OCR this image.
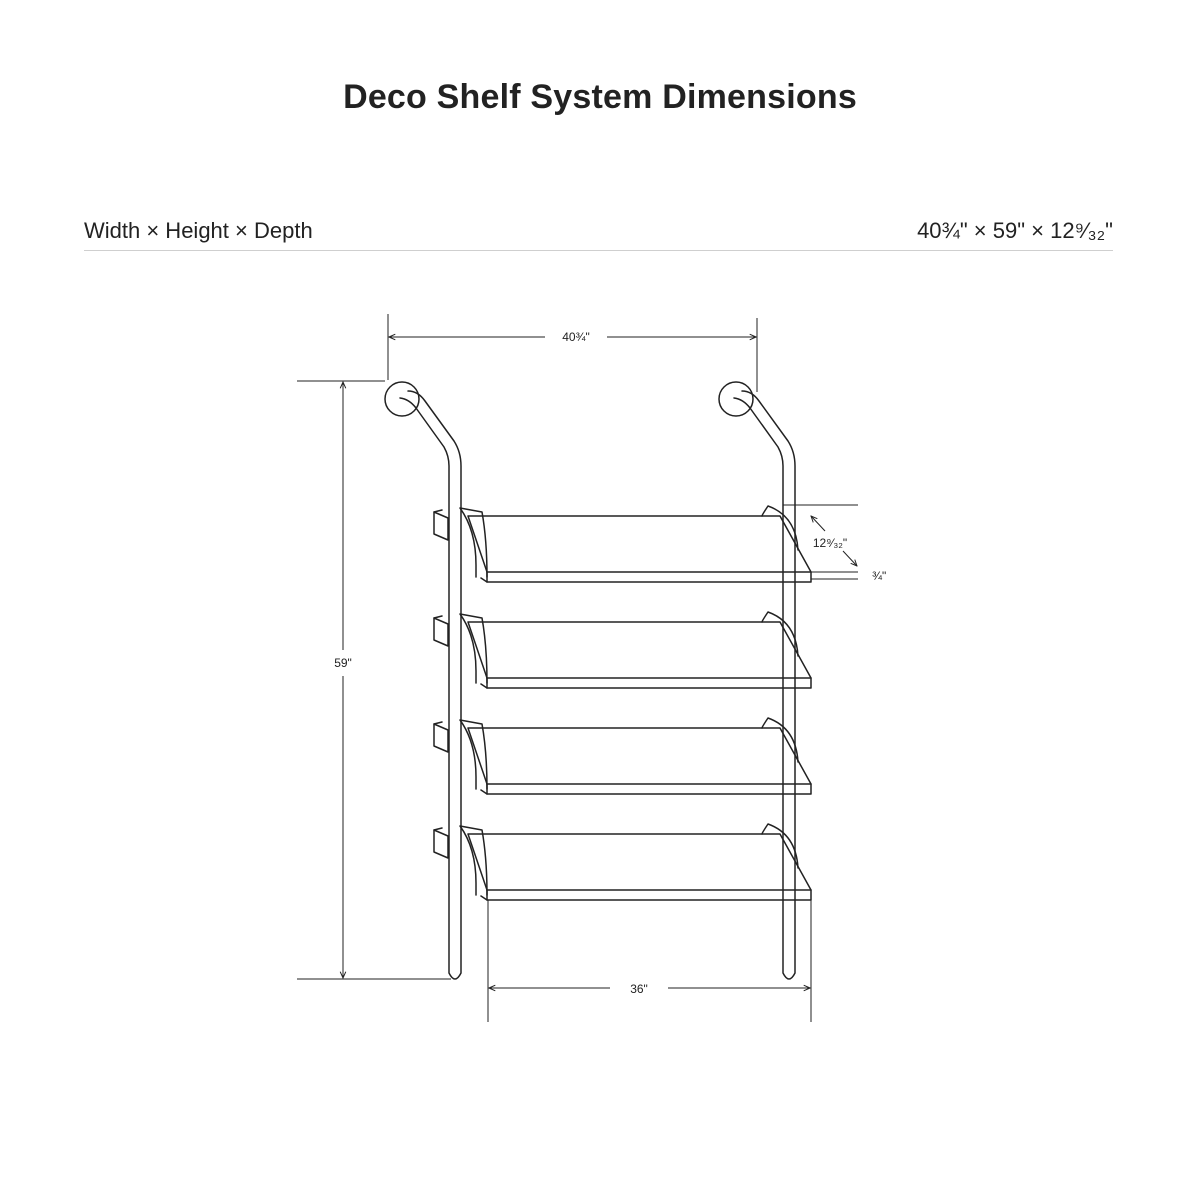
Deco Shelf System Dimensions
Width × Height × Depth	40¾" × 59" × 12⁹⁄₃₂"
40¾"
59"
36"
12⁹⁄₃₂"
¾"
